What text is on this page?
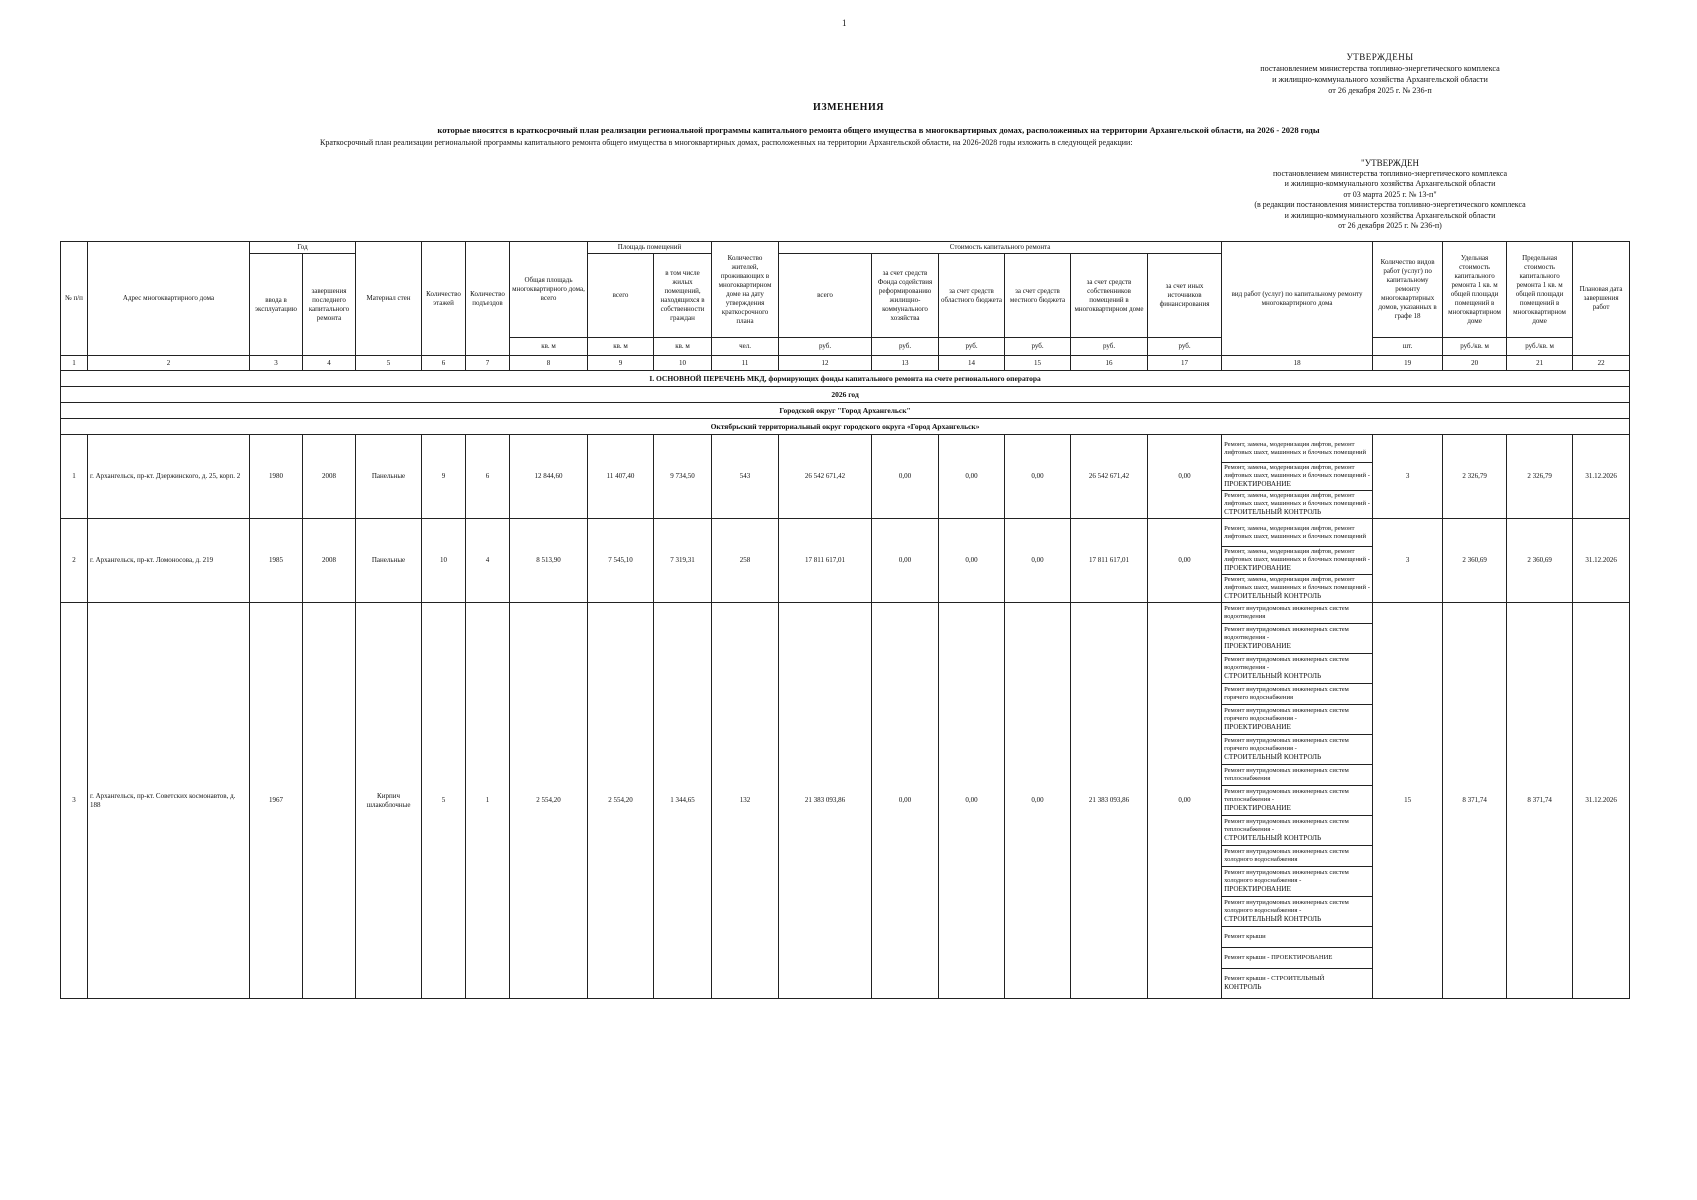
1
УТВЕРЖДЕНЫ
постановлением министерства топливно-энергетического комплекса
и жилищно-коммунального хозяйства Архангельской области
от 26 декабря 2025 г. № 236-п
ИЗМЕНЕНИЯ
которые вносятся в краткосрочный план реализации региональной программы капитального ремонта общего имущества в многоквартирных домах, расположенных на территории Архангельской области, на 2026 - 2028 годы
Краткосрочный план реализации региональной программы капитального ремонта общего имущества в многоквартирных домах, расположенных на территории Архангельской области, на 2026-2028 годы изложить в следующей редакции:
"УТВЕРЖДЕН
постановлением министерства топливно-энергетического комплекса
и жилищно-коммунального хозяйства Архангельской области
от 03 марта 2025 г. № 13-п"
(в редакции постановления министерства топливно-энергетического комплекса
и жилищно-коммунального хозяйства Архангельской области
от 26 декабря 2025 г. № 236-п)
№ п/п	Адрес многоквартирного дома	Год		Материал стен	Количество этажей	Количество подъездов	Общая площадь многоквартирного дома, всего	Площадь помещений		Количество жителей, проживающих в многоквартирном доме на дату утверждения краткосрочного плана	Стоимость капитального ремонта						вид работ (услуг) по капитальному ремонту многоквартирного дома	Количество видов работ (услуг) по капитальному ремонту многоквартирных домов, указанных в графе 18	Удельная стоимость капитального ремонта 1 кв. м общей площади помещений в многоквартирном доме	Предельная стоимость капитального ремонта 1 кв. м общей площади помещений в многоквартирном доме	Плановая дата завершения работ
		ввода в эксплуатацию	завершения последнего капитального ремонта					всего	в том числе жилых помещений, находящихся в собственности граждан		всего	за счет средств Фонда содействия реформированию жилищно-коммунального хозяйства	за счет средств областного бюджета	за счет средств местного бюджета	за счет средств собственников помещений в многоквартирном доме	за счет иных источников финансирования					
							кв. м	кв. м	кв. м	чел.	руб.	руб.	руб.	руб.	руб.	руб.		шт.	руб./кв. м	руб./кв. м	
1	2	3	4	5	6	7	8	9	10	11	12	13	14	15	16	17	18	19	20	21	22
I. ОСНОВНОЙ ПЕРЕЧЕНЬ МКД, формирующих фонды капитального ремонта на счете регионального оператора																					
2026 год																					
Городской округ "Город Архангельск"																					
Октябрьский территориальный округ городского округа «Город Архангельск»																					
1	г. Архангельск, пр-кт. Дзержинского, д. 25, корп. 2	1980	2008	Панельные	9	6	12 844,60	11 407,40	9 734,50	543	26 542 671,42	0,00	0,00	0,00	26 542 671,42	0,00	Ремонт, замена, модернизация лифтов, ремонт лифтовых шахт, машинных и блочных помещений	3	2 326,79	2 326,79	31.12.2026
																	Ремонт, замена, модернизация лифтов, ремонт лифтовых шахт, машинных и блочных помещений -
ПРОЕКТИРОВАНИЕ				
																	Ремонт, замена, модернизация лифтов, ремонт лифтовых шахт, машинных и блочных помещений -
СТРОИТЕЛЬНЫЙ КОНТРОЛЬ				
2	г. Архангельск, пр-кт. Ломоносова, д. 219	1985	2008	Панельные	10	4	8 513,90	7 545,10	7 319,31	258	17 811 617,01	0,00	0,00	0,00	17 811 617,01	0,00	Ремонт, замена, модернизация лифтов, ремонт лифтовых шахт, машинных и блочных помещений	3	2 360,69	2 360,69	31.12.2026
																	Ремонт, замена, модернизация лифтов, ремонт лифтовых шахт, машинных и блочных помещений -
ПРОЕКТИРОВАНИЕ				
																	Ремонт, замена, модернизация лифтов, ремонт лифтовых шахт, машинных и блочных помещений -
СТРОИТЕЛЬНЫЙ КОНТРОЛЬ				
3	г. Архангельск, пр-кт. Советских космонавтов, д. 188	1967		Кирпич шлакоблочные	5	1	2 554,20	2 554,20	1 344,65	132	21 383 093,86	0,00	0,00	0,00	21 383 093,86	0,00	Ремонт внутридомовых инженерных систем водоотведения	15	8 371,74	8 371,74	31.12.2026
																	Ремонт внутридомовых инженерных систем водоотведения -
ПРОЕКТИРОВАНИЕ				
																	Ремонт внутридомовых инженерных систем водоотведения -
СТРОИТЕЛЬНЫЙ КОНТРОЛЬ				
																	Ремонт внутридомовых инженерных систем горячего водоснабжения				
																	Ремонт внутридомовых инженерных систем горячего водоснабжения -
ПРОЕКТИРОВАНИЕ				
																	Ремонт внутридомовых инженерных систем горячего водоснабжения -
СТРОИТЕЛЬНЫЙ КОНТРОЛЬ				
																	Ремонт внутридомовых инженерных систем теплоснабжения				
																	Ремонт внутридомовых инженерных систем теплоснабжения -
ПРОЕКТИРОВАНИЕ				
																	Ремонт внутридомовых инженерных систем теплоснабжения -
СТРОИТЕЛЬНЫЙ КОНТРОЛЬ				
																	Ремонт внутридомовых инженерных систем холодного водоснабжения				
																	Ремонт внутридомовых инженерных систем холодного водоснабжения -
ПРОЕКТИРОВАНИЕ				
																	Ремонт внутридомовых инженерных систем холодного водоснабжения -
СТРОИТЕЛЬНЫЙ КОНТРОЛЬ				
																	Ремонт крыши				
																	Ремонт крыши - ПРОЕКТИРОВАНИЕ				
																	Ремонт крыши - СТРОИТЕЛЬНЫЙ
КОНТРОЛЬ				
